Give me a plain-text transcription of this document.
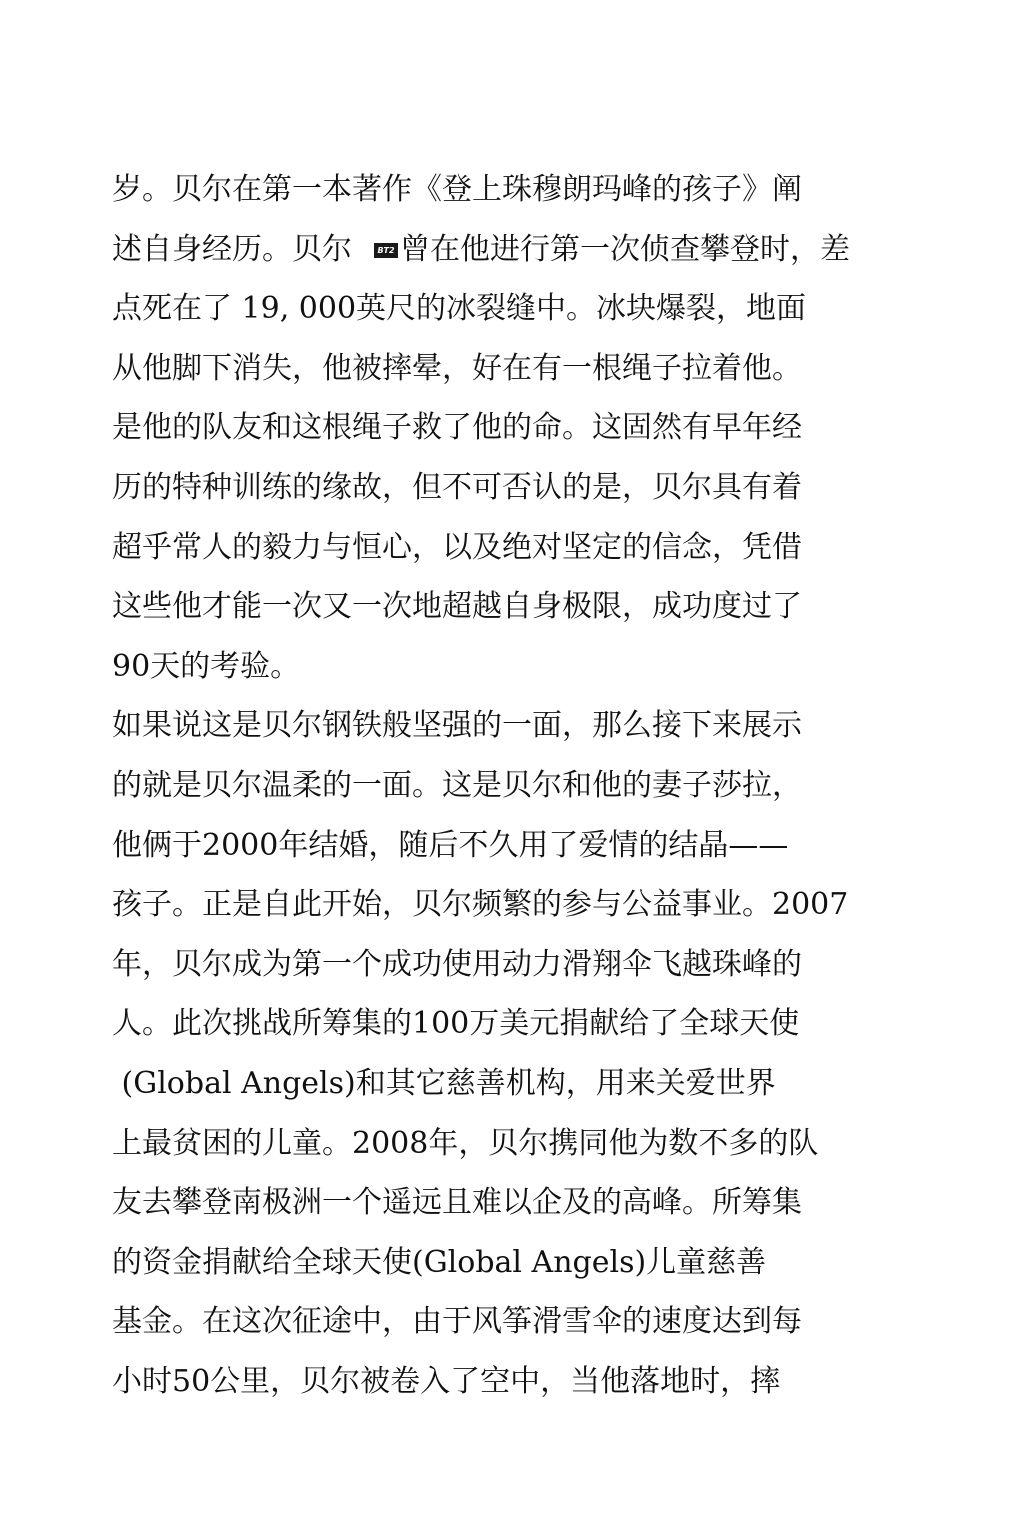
岁。贝尔在第一本著作《登上珠穆朗玛峰的孩子》阐
述自身经历。贝尔	BT2 曾在他进行第一次侦查攀登时，差
点死在了 19, 000英尺的冰裂缝中。冰块爆裂，地面
从他脚下消失，他被摔晕，好在有一根绳子拉着他。
是他的队友和这根绳子救了他的命。这固然有早年经
历的特种训练的缘故，但不可否认的是，贝尔具有着
超乎常人的毅力与恒心，以及绝对坚定的信念，凭借
这些他才能一次又一次地超越自身极限，成功度过了
90天的考验。
如果说这是贝尔钢铁般坚强的一面，那么接下来展示
的就是贝尔温柔的一面。这是贝尔和他的妻子莎拉，
他俩于2000年结婚，随后不久用了爱情的结晶——
孩子。正是自此开始，贝尔频繁的参与公益事业。2007
年，贝尔成为第一个成功使用动力滑翔伞飞越珠峰的
人。此次挑战所筹集的100万美元捐献给了全球天使
(Global Angels)和其它慈善机构，用来关爱世界
上最贫困的儿童。2008年，贝尔携同他为数不多的队
友去攀登南极洲一个遥远且难以企及的高峰。所筹集
的资金捐献给全球天使(Global Angels)儿童慈善
基金。在这次征途中，由于风筝滑雪伞的速度达到每
小时50公里，贝尔被卷入了空中，当他落地时，摔
